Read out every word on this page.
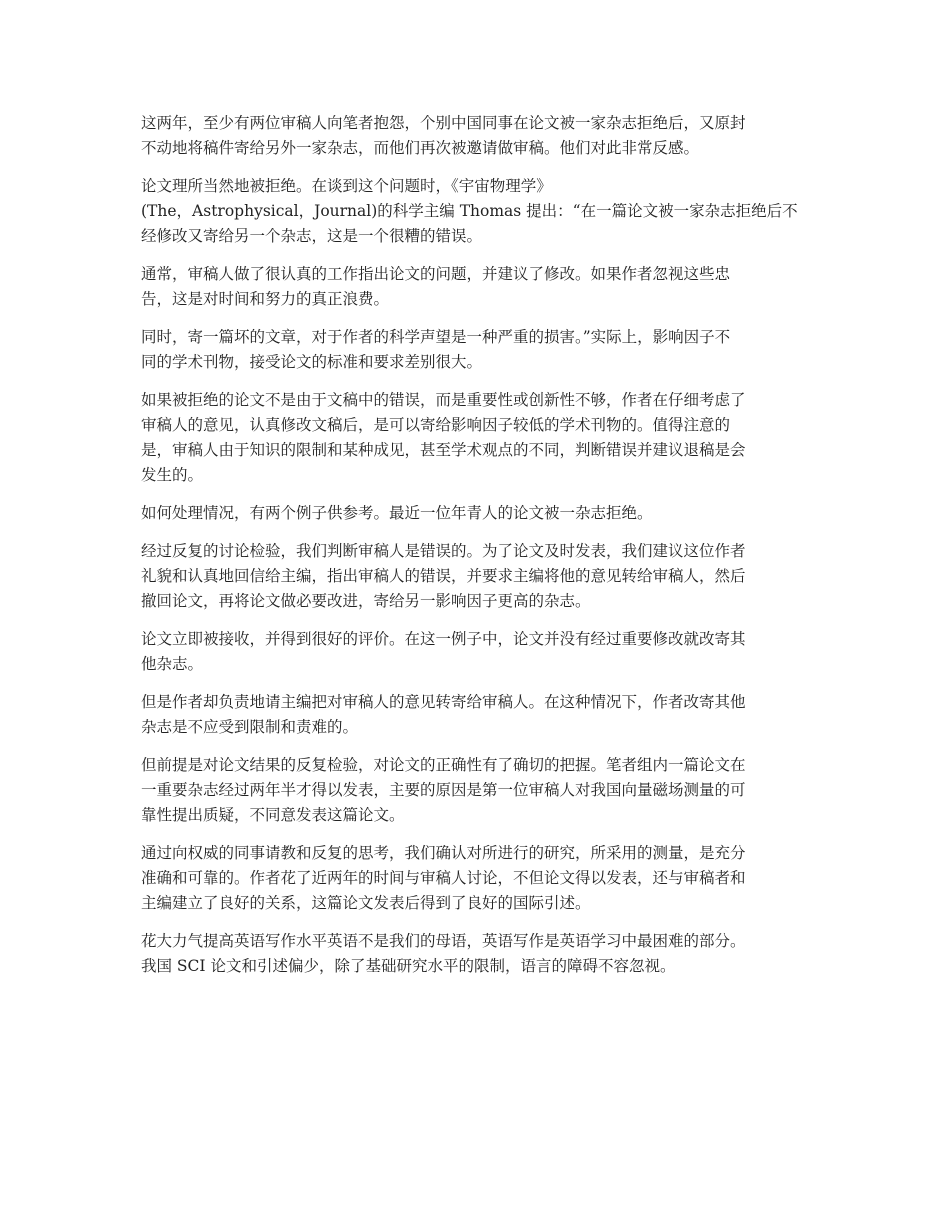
这两年，至少有两位审稿人向笔者抱怨，个别中国同事在论文被一家杂志拒绝后，又原封
不动地将稿件寄给另外一家杂志，而他们再次被邀请做审稿。他们对此非常反感。

论文理所当然地被拒绝。在谈到这个问题时，《宇宙物理学》
(The，Astrophysical，Journal)的科学主编 Thomas 提出：“在一篇论文被一家杂志拒绝后不
经修改又寄给另一个杂志，这是一个很糟的错误。

通常，审稿人做了很认真的工作指出论文的问题，并建议了修改。如果作者忽视这些忠
告，这是对时间和努力的真正浪费。

同时，寄一篇坏的文章，对于作者的科学声望是一种严重的损害。”实际上，影响因子不
同的学术刊物，接受论文的标准和要求差别很大。

如果被拒绝的论文不是由于文稿中的错误，而是重要性或创新性不够，作者在仔细考虑了
审稿人的意见，认真修改文稿后，是可以寄给影响因子较低的学术刊物的。值得注意的
是，审稿人由于知识的限制和某种成见，甚至学术观点的不同，判断错误并建议退稿是会
发生的。

如何处理情况，有两个例子供参考。最近一位年青人的论文被一杂志拒绝。

经过反复的讨论检验，我们判断审稿人是错误的。为了论文及时发表，我们建议这位作者
礼貌和认真地回信给主编，指出审稿人的错误，并要求主编将他的意见转给审稿人，然后
撤回论文，再将论文做必要改进，寄给另一影响因子更高的杂志。

论文立即被接收，并得到很好的评价。在这一例子中，论文并没有经过重要修改就改寄其
他杂志。

但是作者却负责地请主编把对审稿人的意见转寄给审稿人。在这种情况下，作者改寄其他
杂志是不应受到限制和责难的。

但前提是对论文结果的反复检验，对论文的正确性有了确切的把握。笔者组内一篇论文在
一重要杂志经过两年半才得以发表，主要的原因是第一位审稿人对我国向量磁场测量的可
靠性提出质疑，不同意发表这篇论文。

通过向权威的同事请教和反复的思考，我们确认对所进行的研究，所采用的测量，是充分
准确和可靠的。作者花了近两年的时间与审稿人讨论，不但论文得以发表，还与审稿者和
主编建立了良好的关系，这篇论文发表后得到了良好的国际引述。

花大力气提高英语写作水平英语不是我们的母语，英语写作是英语学习中最困难的部分。
我国 SCI 论文和引述偏少，除了基础研究水平的限制，语言的障碍不容忽视。
